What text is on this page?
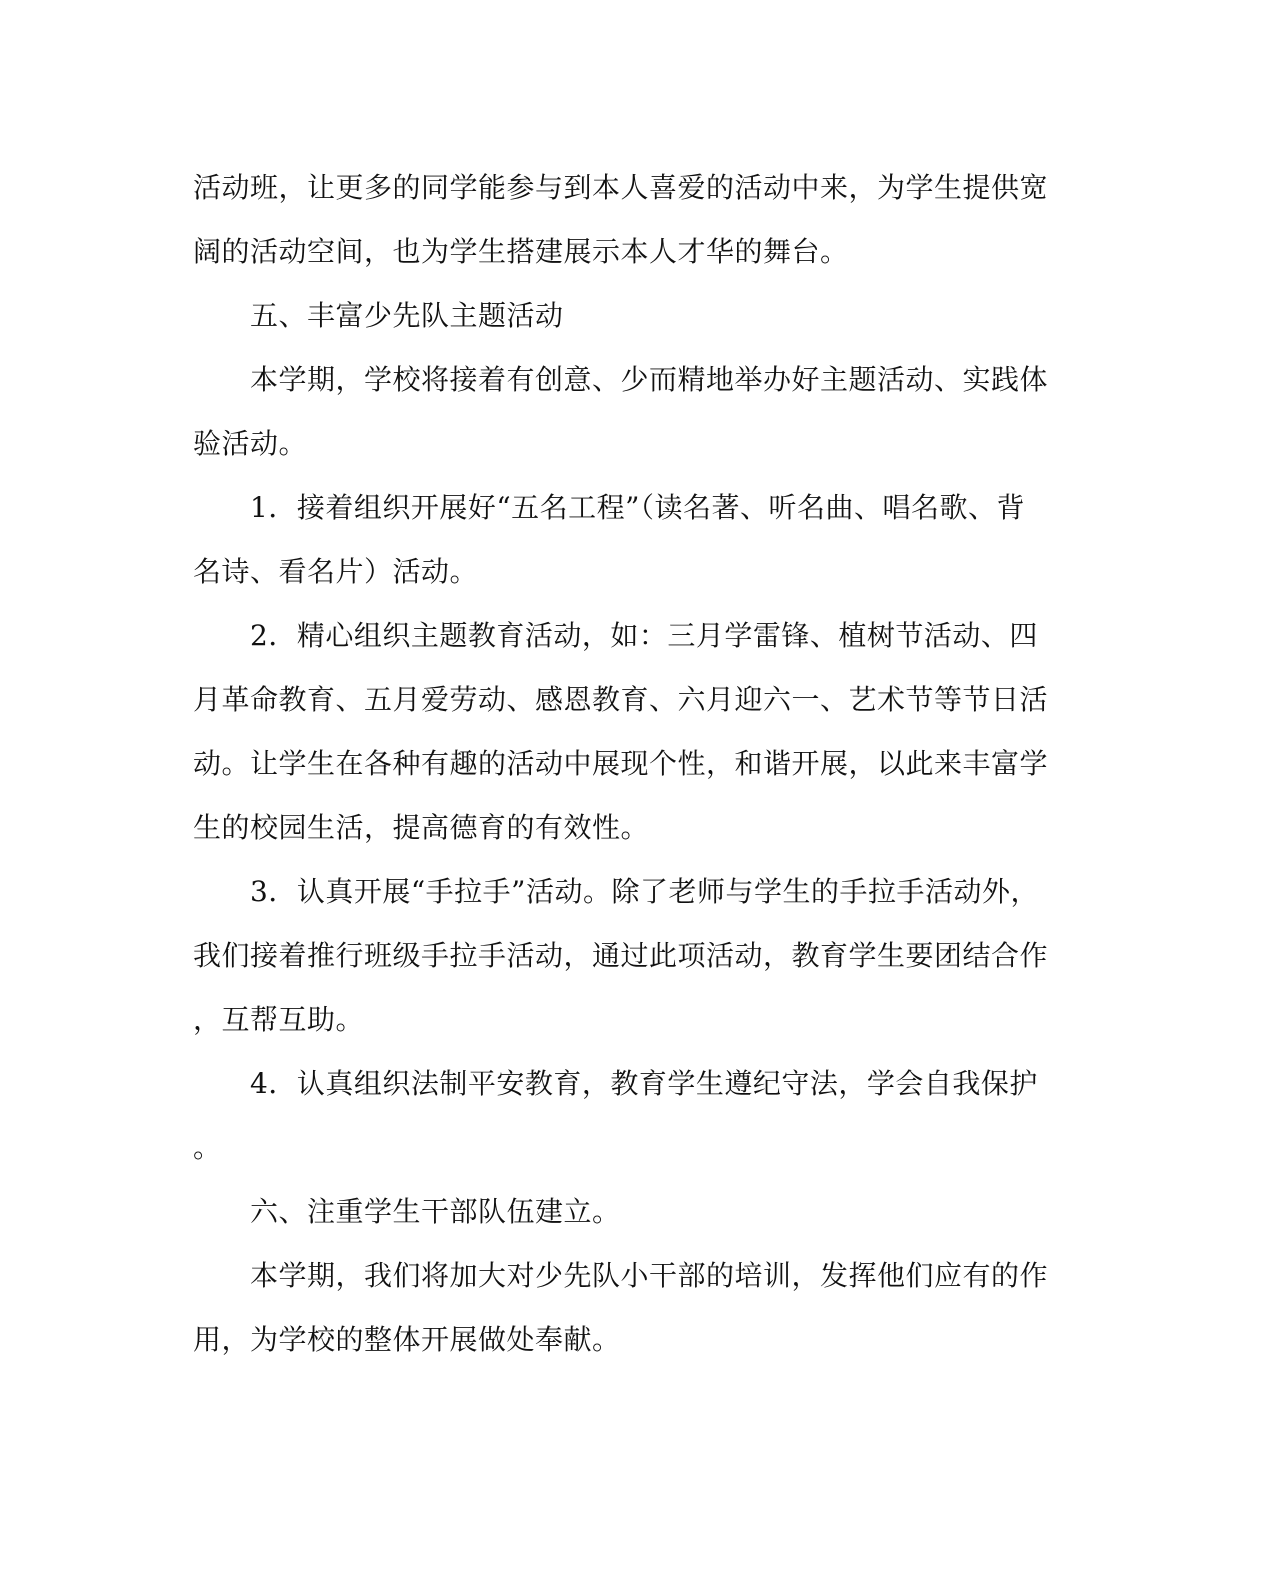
活动班，让更多的同学能参与到本人喜爱的活动中来，为学生提供宽
阔的活动空间，也为学生搭建展示本人才华的舞台。
五、丰富少先队主题活动
本学期，学校将接着有创意、少而精地举办好主题活动、实践体
验活动。
1．接着组织开展好“五名工程”（读名著、听名曲、唱名歌、背
名诗、看名片）活动。
2．精心组织主题教育活动，如：三月学雷锋、植树节活动、四
月革命教育、五月爱劳动、感恩教育、六月迎六一、艺术节等节日活
动。让学生在各种有趣的活动中展现个性，和谐开展，以此来丰富学
生的校园生活，提高德育的有效性。
3．认真开展“手拉手”活动。除了老师与学生的手拉手活动外，
我们接着推行班级手拉手活动，通过此项活动，教育学生要团结合作
，互帮互助。
4．认真组织法制平安教育，教育学生遵纪守法，学会自我保护
。
六、注重学生干部队伍建立。
本学期，我们将加大对少先队小干部的培训，发挥他们应有的作
用，为学校的整体开展做处奉献。
